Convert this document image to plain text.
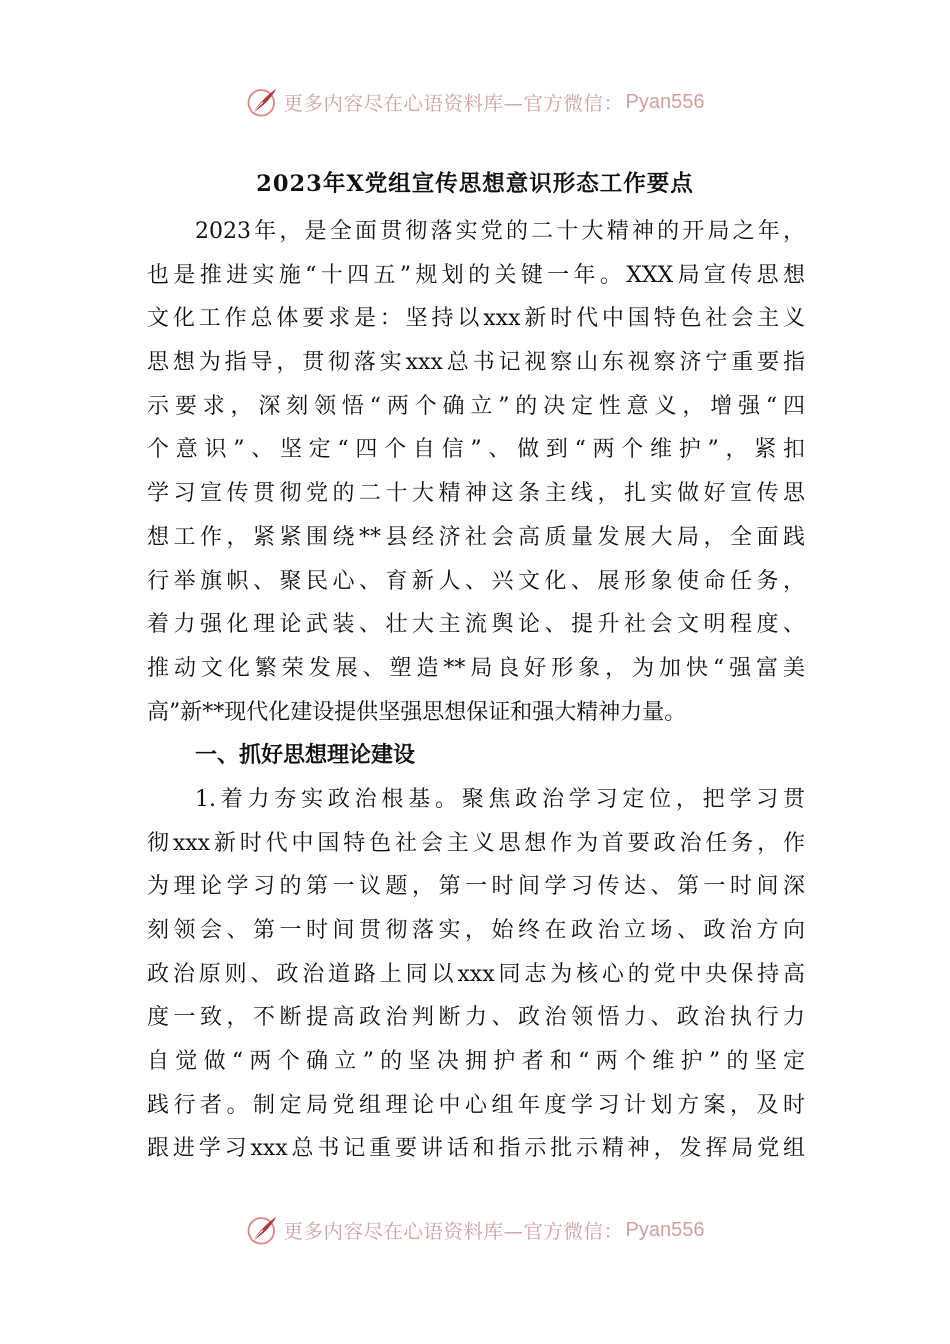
更多内容尽在心语资料库—官方微信： Pyan556
2023年X党组宣传思想意识形态工作要点
2023年，是全面贯彻落实党的二十大精神的开局之年，
也是推进实施“十四五”规划的关键一年。XXX局宣传思想
文化工作总体要求是：坚持以xxx新时代中国特色社会主义
思想为指导，贯彻落实xxx总书记视察山东视察济宁重要指
示要求，深刻领悟“两个确立”的决定性意义，增强“四
个意识”、坚定“四个自信”、做到“两个维护”，紧扣
学习宣传贯彻党的二十大精神这条主线，扎实做好宣传思
想工作，紧紧围绕**县经济社会高质量发展大局，全面践
行举旗帜、聚民心、育新人、兴文化、展形象使命任务，
着力强化理论武装、壮大主流舆论、提升社会文明程度、
推动文化繁荣发展、塑造**局良好形象，为加快“强富美
高”新**现代化建设提供坚强思想保证和强大精神力量。
一、抓好思想理论建设
1.着力夯实政治根基。聚焦政治学习定位，把学习贯
彻xxx新时代中国特色社会主义思想作为首要政治任务，作
为理论学习的第一议题，第一时间学习传达、第一时间深
刻领会、第一时间贯彻落实，始终在政治立场、政治方向
政治原则、政治道路上同以xxx同志为核心的党中央保持高
度一致，不断提高政治判断力、政治领悟力、政治执行力
自觉做“两个确立”的坚决拥护者和“两个维护”的坚定
践行者。制定局党组理论中心组年度学习计划方案，及时
跟进学习xxx总书记重要讲话和指示批示精神，发挥局党组
更多内容尽在心语资料库—官方微信： Pyan556
